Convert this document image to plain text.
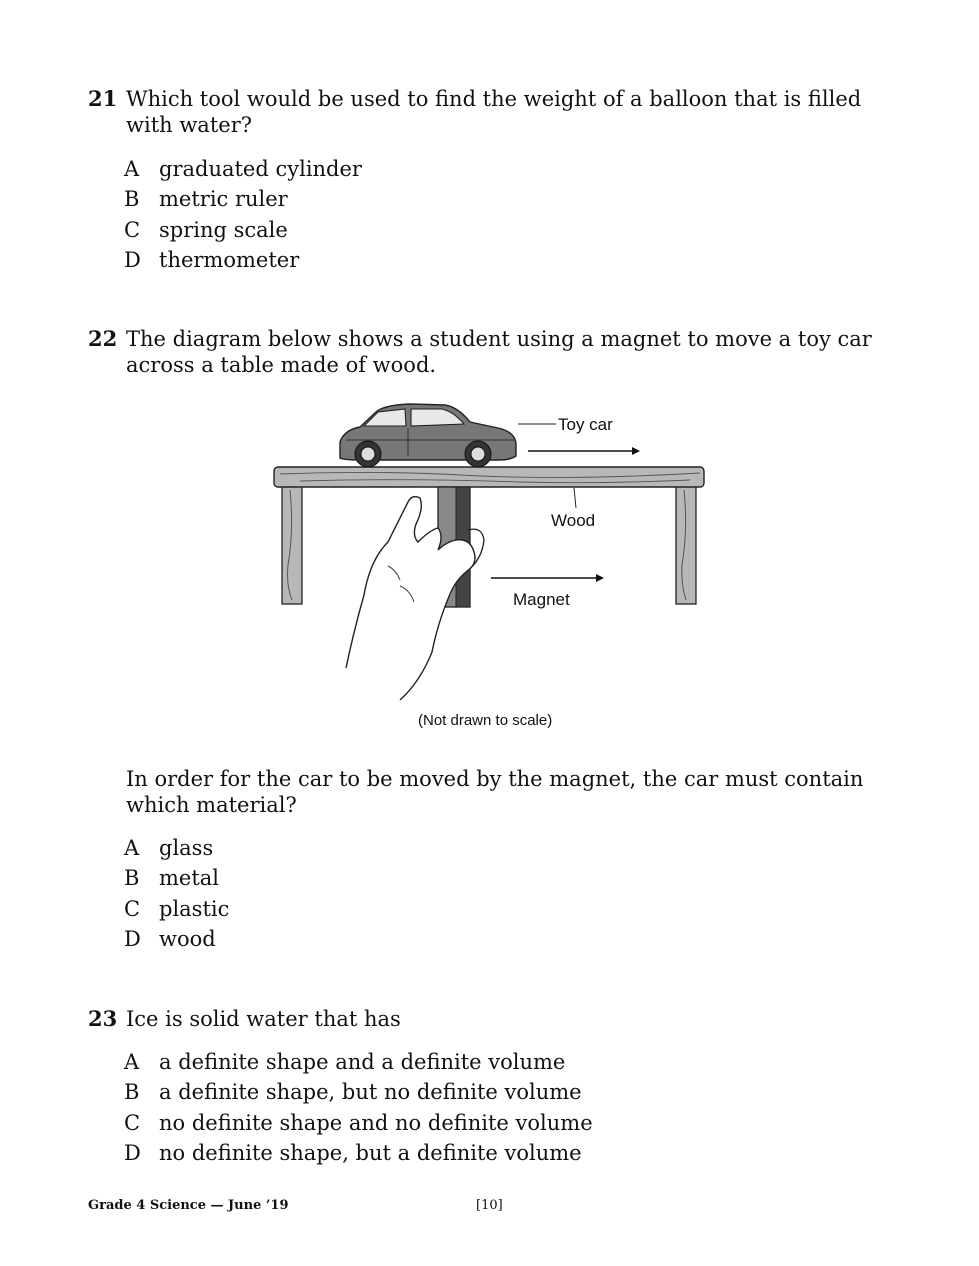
21 Which tool would be used to find the weight of a balloon that is filled with water?
A graduated cylinder
B metric ruler
C spring scale
D thermometer
22 The diagram below shows a student using a magnet to move a toy car across a table made of wood.
Toy car
Wood
Magnet
(Not drawn to scale)
In order for the car to be moved by the magnet, the car must contain which material?
A glass
B metal
C plastic
D wood
23 Ice is solid water that has
A a definite shape and a definite volume
B a definite shape, but no definite volume
C no definite shape and no definite volume
D no definite shape, but a definite volume
Grade 4 Science — June ’19	[10]
